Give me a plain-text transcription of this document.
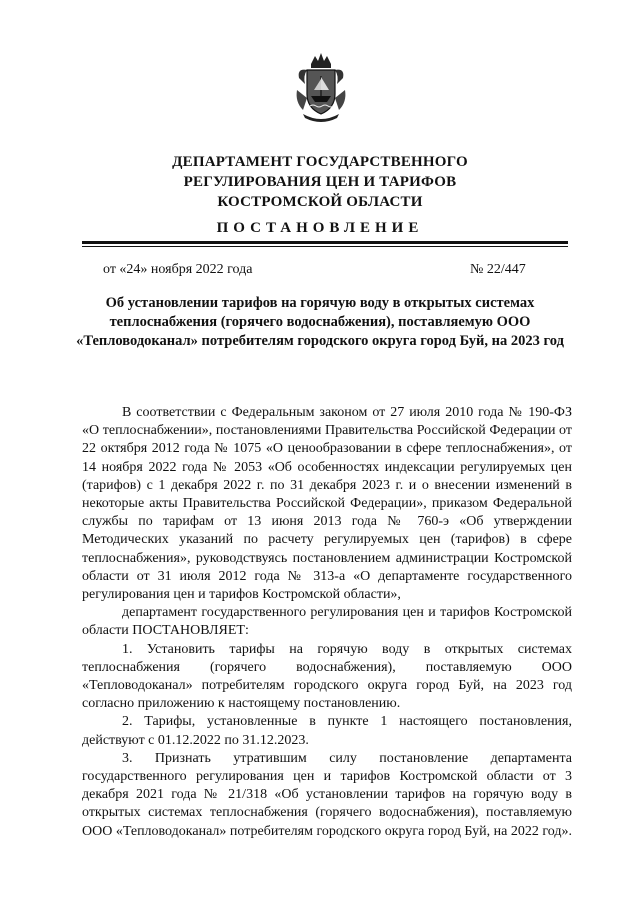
ДЕПАРТАМЕНТ ГОСУДАРСТВЕННОГО
РЕГУЛИРОВАНИЯ ЦЕН И ТАРИФОВ
КОСТРОМСКОЙ ОБЛАСТИ
ПОСТАНОВЛЕНИЕ
от «24» ноября 2022 года	№ 22/447
Об установлении тарифов на горячую воду в открытых системах теплоснабжения (горячего водоснабжения), поставляемую ООО «Тепловодоканал» потребителям городского округа город Буй, на 2023 год

В соответствии с Федеральным законом от 27 июля 2010 года № 190-ФЗ «О теплоснабжении», постановлениями Правительства Российской Федерации от 22 октября 2012 года № 1075 «О ценообразовании в сфере теплоснабжения», от 14 ноября 2022 года № 2053 «Об особенностях индексации регулируемых цен (тарифов) с 1 декабря 2022 г. по 31 декабря 2023 г. и о внесении изменений в некоторые акты Правительства Российской Федерации», приказом Федеральной службы по тарифам от 13 июня 2013 года № 760-э «Об утверждении Методических указаний по расчету регулируемых цен (тарифов) в сфере теплоснабжения», руководствуясь постановлением администрации Костромской области от 31 июля 2012 года № 313-а «О департаменте государственного регулирования цен и тарифов Костромской области»,

департамент государственного регулирования цен и тарифов Костромской области ПОСТАНОВЛЯЕТ:

1. Установить тарифы на горячую воду в открытых системах теплоснабжения (горячего водоснабжения), поставляемую ООО «Тепловодоканал» потребителям городского округа город Буй, на 2023 год согласно приложению к настоящему постановлению.

2. Тарифы, установленные в пункте 1 настоящего постановления, действуют с 01.12.2022 по 31.12.2023.

3. Признать утратившим силу постановление департамента государственного регулирования цен и тарифов Костромской области от 3 декабря 2021 года № 21/318 «Об установлении тарифов на горячую воду в открытых системах теплоснабжения (горячего водоснабжения), поставляемую ООО «Тепловодоканал» потребителям городского округа город Буй, на 2022 год».
